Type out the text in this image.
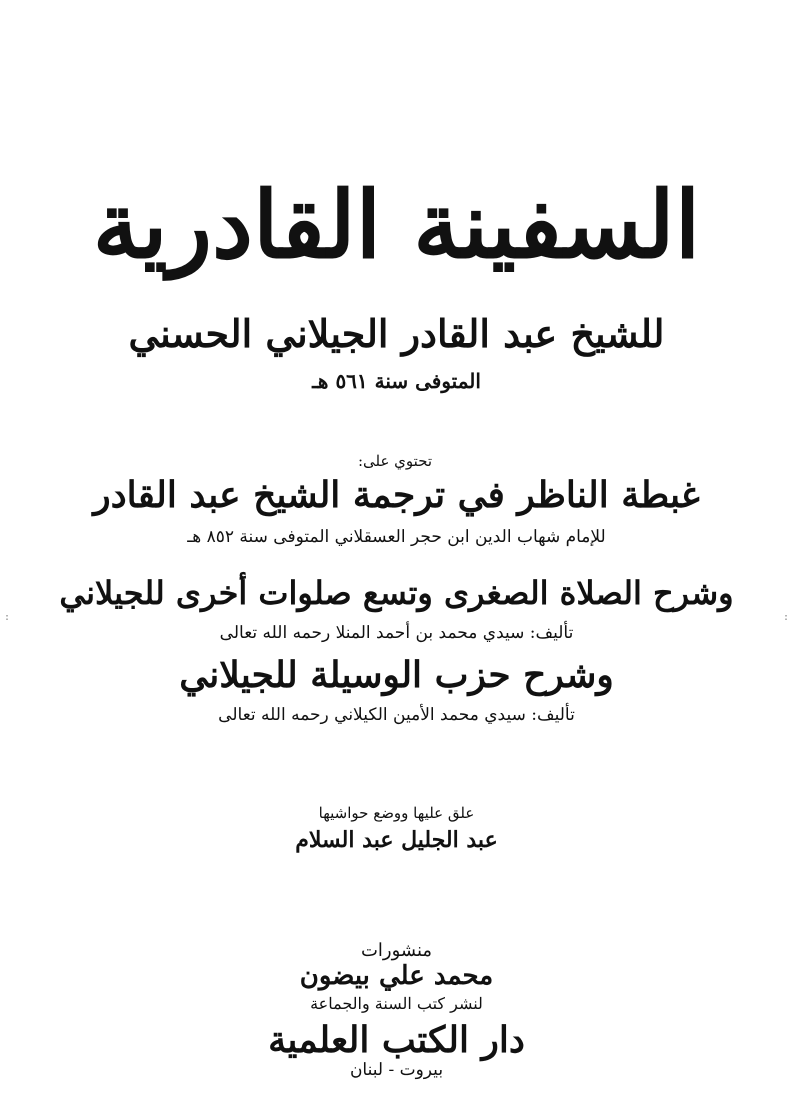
السفينة القادرية
للشيخ عبد القادر الجيلاني الحسني
المتوفى سنة ٥٦١ هـ
تحتوي على:
غبطة الناظر في ترجمة الشيخ عبد القادر
للإمام شهاب الدين ابن حجر العسقلاني المتوفى سنة ٨٥٢ هـ
وشرح الصلاة الصغرى وتسع صلوات أخرى للجيلاني
تأليف: سيدي محمد بن أحمد المنلا رحمه الله تعالى
وشرح حزب الوسيلة للجيلاني
تأليف: سيدي محمد الأمين الكيلاني رحمه الله تعالى
علق عليها ووضع حواشيها
عبد الجليل عبد السلام
منشورات
محمد علي بيضون
لنشر كتب السنة والجماعة
دار الكتب العلمية
بيروت - لبنان
:	:
